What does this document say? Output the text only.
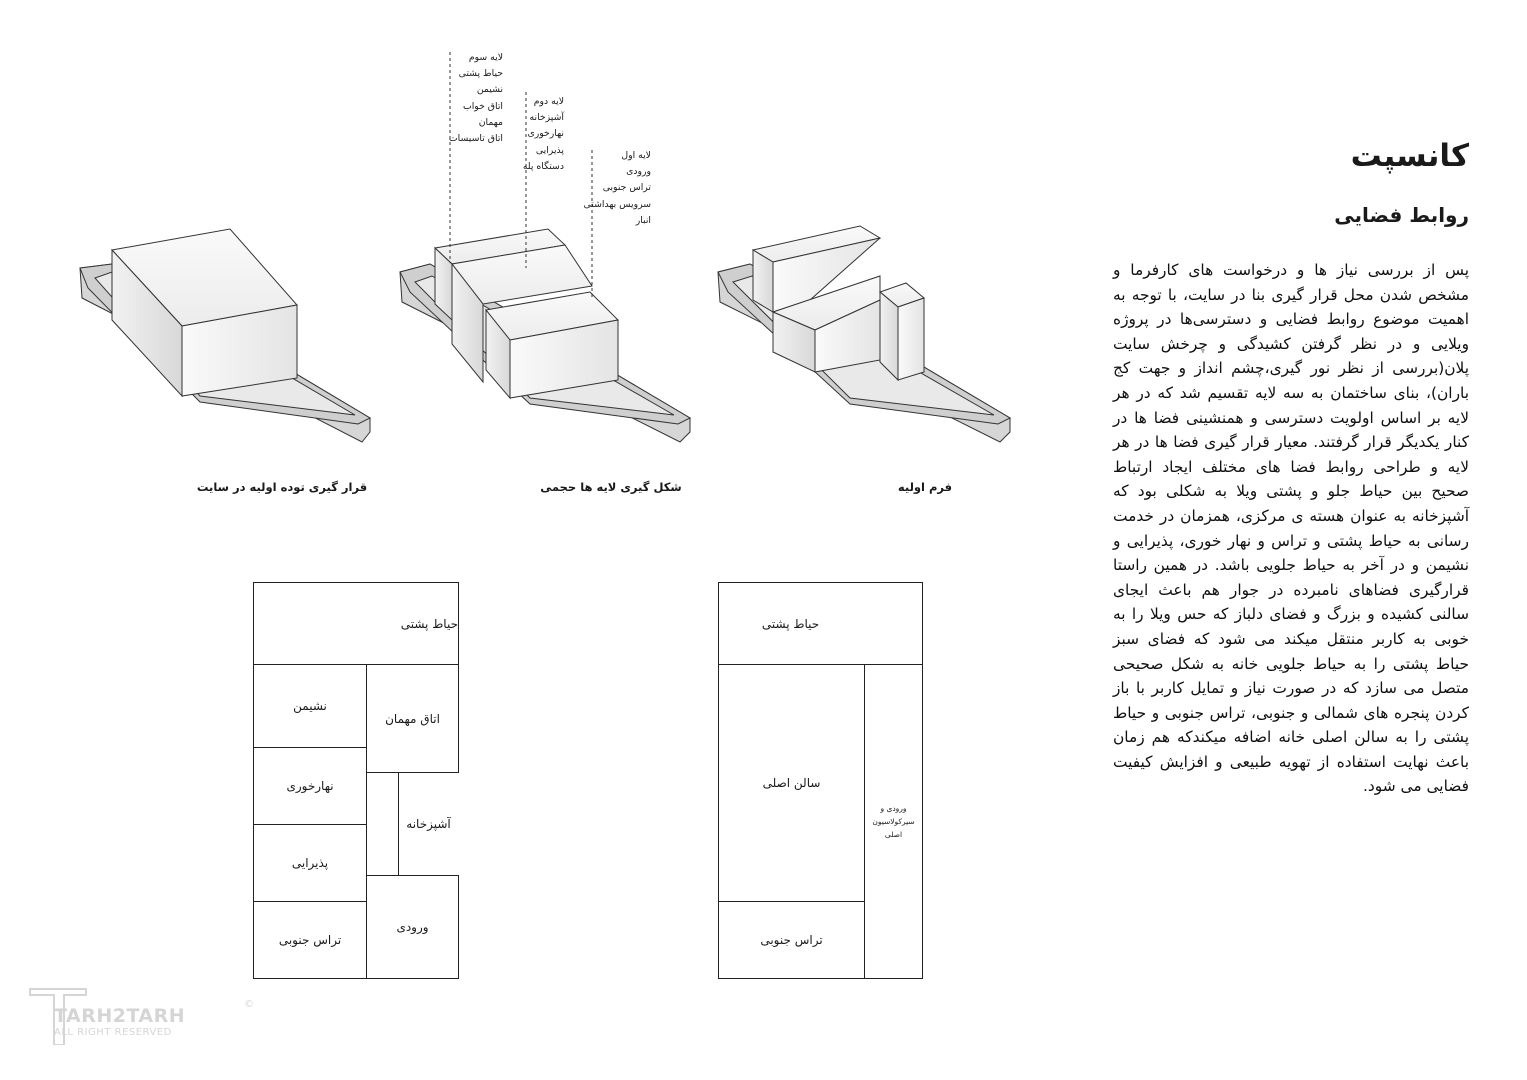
کانسپت
روابط فضایی
پس از بررسی نیاز ها و درخواست های کارفرما و مشخص شدن محل قرار گیری بنا در سایت، با توجه به اهمیت موضوع روابط فضایی و دسترسی‌ها در پروژه ویلایی و در نظر گرفتن کشیدگی و چرخش سایت پلان(بررسی از نظر نور گیری،چشم انداز و جهت کج باران)، بنای ساختمان به سه لایه تقسیم شد که در هر لایه بر اساس اولویت دسترسی و همنشینی فضا ها در کنار یکدیگر قرار گرفتند. معیار قرار گیری فضا ها در هر لایه و طراحی روابط فضا های مختلف ایجاد ارتباط صحیح بین حیاط جلو و پشتی ویلا به شکلی بود که آشپزخانه به عنوان هسته ی مرکزی، همزمان در خدمت رسانی به حیاط پشتی و تراس و نهار خوری، پذیرایی و نشیمن و در آخر به حیاط جلویی باشد. در همین راستا قرارگیری فضاهای نامبرده در جوار هم باعث ایجای سالنی کشیده و بزرگ و فضای دلباز که حس ویلا را به خوبی به کاربر منتقل میکند می شود که فضای سبز حیاط پشتی را به حیاط جلویی خانه به شکل صحیحی متصل می سازد که در صورت نیاز و تمایل کاربر با باز کردن پنجره های شمالی و جنوبی، تراس جنوبی و حیاط پشتی را به سالن اصلی خانه اضافه میکندکه هم زمان باعث نهایت استفاده از تهویه طبیعی و افزایش کیفیت فضایی می شود.
لایه سوم
حیاط پشتی
نشیمن
اتاق خواب
مهمان
اتاق تاسیسات
لایه دوم
آشپزخانه
نهارخوری
پذیرایی
دستگاه پله
لایه اول
ورودی
تراس جنوبی
سرویس بهداشتی
انبار
قرار گیری توده اولیه در سایت	شکل گیری لایه ها حجمی	فرم اولیه
حیاط پشتی
نشیمن
اتاق مهمان
نهارخوری
آشپزخانه
پذیرایی
ورودی
تراس جنوبی
حیاط پشتی
سالن اصلی
ورودی و
سیرکولاسیون
اصلی
تراس جنوبی
TARH2TARH
©
ALL RIGHT RESERVED
